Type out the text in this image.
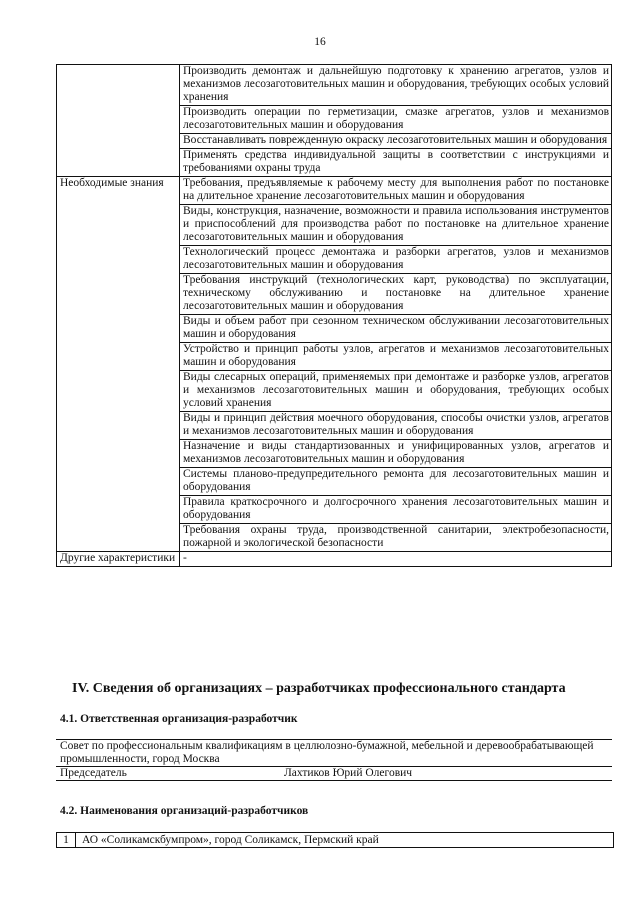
16
	Производить демонтаж и дальнейшую подготовку к хранению агрегатов, узлов и механизмов лесозаготовительных машин и оборудования, требующих особых условий хранения
	Производить операции по герметизации, смазке агрегатов, узлов и механизмов лесозаготовительных машин и оборудования
	Восстанавливать поврежденную окраску лесозаготовительных машин и оборудования
	Применять средства индивидуальной защиты в соответствии с инструкциями и требованиями охраны труда
Необходимые знания	Требования, предъявляемые к рабочему месту для выполнения работ по постановке на длительное хранение лесозаготовительных машин и оборудования
	Виды, конструкция, назначение, возможности и правила использования инструментов и приспособлений для производства работ по постановке на длительное хранение лесозаготовительных машин и оборудования
	Технологический процесс демонтажа и разборки агрегатов, узлов и механизмов лесозаготовительных машин и оборудования
	Требования инструкций (технологических карт, руководства) по эксплуатации, техническому обслуживанию и постановке на длительное хранение лесозаготовительных машин и оборудования
	Виды и объем работ при сезонном техническом обслуживании лесозаготовительных машин и оборудования
	Устройство и принцип работы узлов, агрегатов и механизмов лесозаготовительных машин и оборудования
	Виды слесарных операций, применяемых при демонтаже и разборке узлов, агрегатов и механизмов лесозаготовительных машин и оборудования, требующих особых условий хранения
	Виды и принцип действия моечного оборудования, способы очистки узлов, агрегатов и механизмов лесозаготовительных машин и оборудования
	Назначение и виды стандартизованных и унифицированных узлов, агрегатов и механизмов лесозаготовительных машин и оборудования
	Системы планово-предупредительного ремонта для лесозаготовительных машин и оборудования
	Правила краткосрочного и долгосрочного хранения лесозаготовительных машин и оборудования
	Требования охраны труда, производственной санитарии, электробезопасности, пожарной и экологической безопасности
Другие характеристики	-
IV. Сведения об организациях – разработчиках профессионального стандарта
4.1. Ответственная организация-разработчик
Совет по профессиональным квалификациям в целлюлозно-бумажной, мебельной и деревообрабатывающей промышленности, город Москва
Председатель	Лахтиков Юрий Олегович
4.2. Наименования организаций-разработчиков
1	АО «Соликамскбумпром», город Соликамск, Пермский край
